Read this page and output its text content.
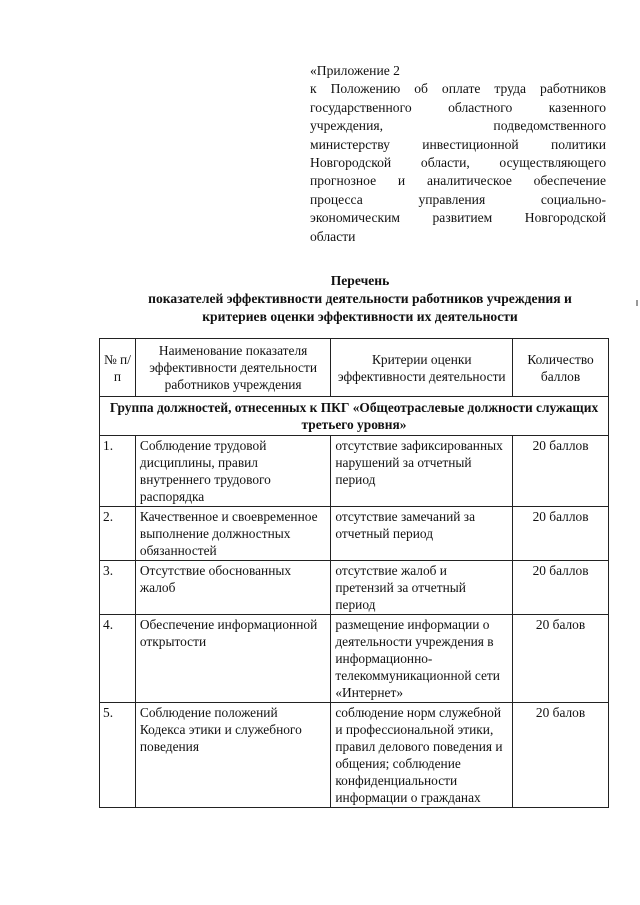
«Приложение 2
к Положению об оплате труда работников
государственного областного казенного
учреждения, подведомственного
министерству инвестиционной политики
Новгородской области, осуществляющего
прогнозное и аналитическое обеспечение
процесса управления социально-
экономическим развитием Новгородской
области
Перечень
показателей эффективности деятельности работников учреждения и
критериев оценки эффективности их деятельности
№ п/п	Наименование показателя эффективности деятельности работников учреждения	Критерии оценки эффективности деятельности	Количество баллов
Группа должностей, отнесенных к ПКГ «Общеотраслевые должности служащих третьего уровня»			
1.	Соблюдение трудовой дисциплины, правил внутреннего трудового распорядка	отсутствие зафиксированных нарушений за отчетный период	20 баллов
2.	Качественное и своевременное выполнение должностных обязанностей	отсутствие замечаний за отчетный период	20 баллов
3.	Отсутствие обоснованных жалоб	отсутствие жалоб и претензий за отчетный период	20 баллов
4.	Обеспечение информационной открытости	размещение информации о деятельности учреждения в информационно-телекоммуникационной сети «Интернет»	20 балов
5.	Соблюдение положений Кодекса этики и служебного поведения	соблюдение норм служебной и профессиональной этики, правил делового поведения и общения; соблюдение конфиденциальности информации о гражданах	20 балов
